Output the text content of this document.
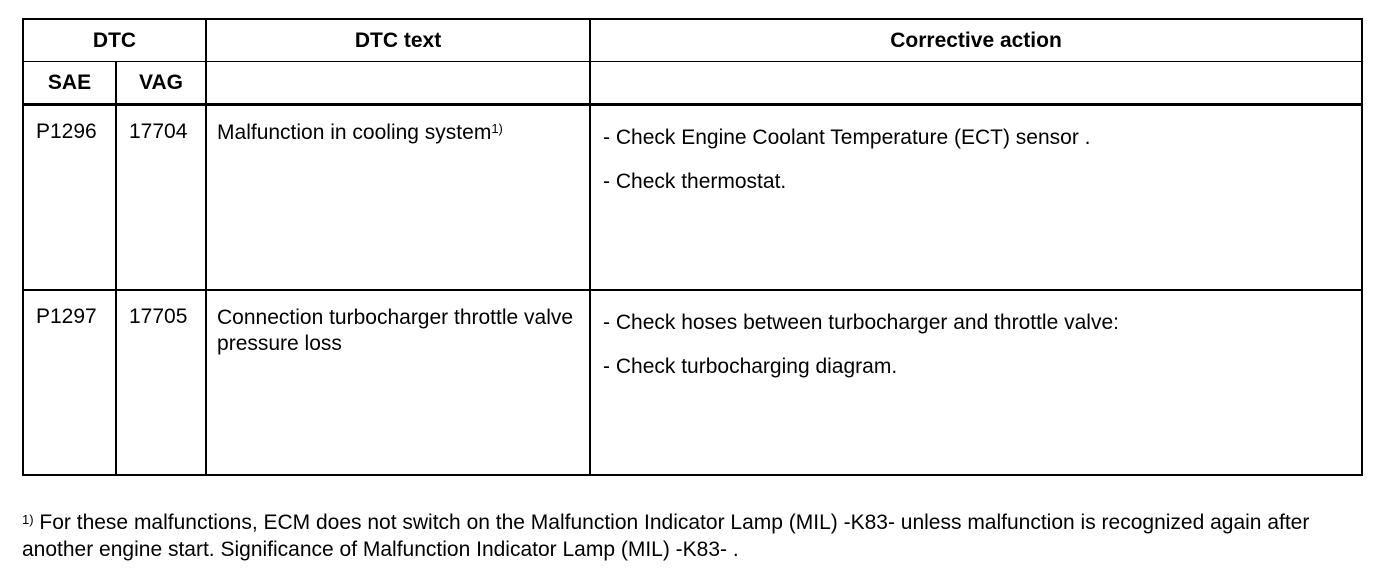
DTC		DTC text	Corrective action
SAE	VAG		

P1296	17704	Malfunction in cooling system$^{1)}$	- Check Engine Coolant Temperature (ECT) sensor .
- Check thermostat.

P1297	17705	Connection turbocharger throttle valve pressure loss	- Check hoses between turbocharger and throttle valve:
- Check turbocharging diagram.
$^{1)}$ For these malfunctions, ECM does not switch on the Malfunction Indicator Lamp (MIL) -K83- unless malfunction is recognized again after another engine start. Significance of Malfunction Indicator Lamp (MIL) -K83- .
